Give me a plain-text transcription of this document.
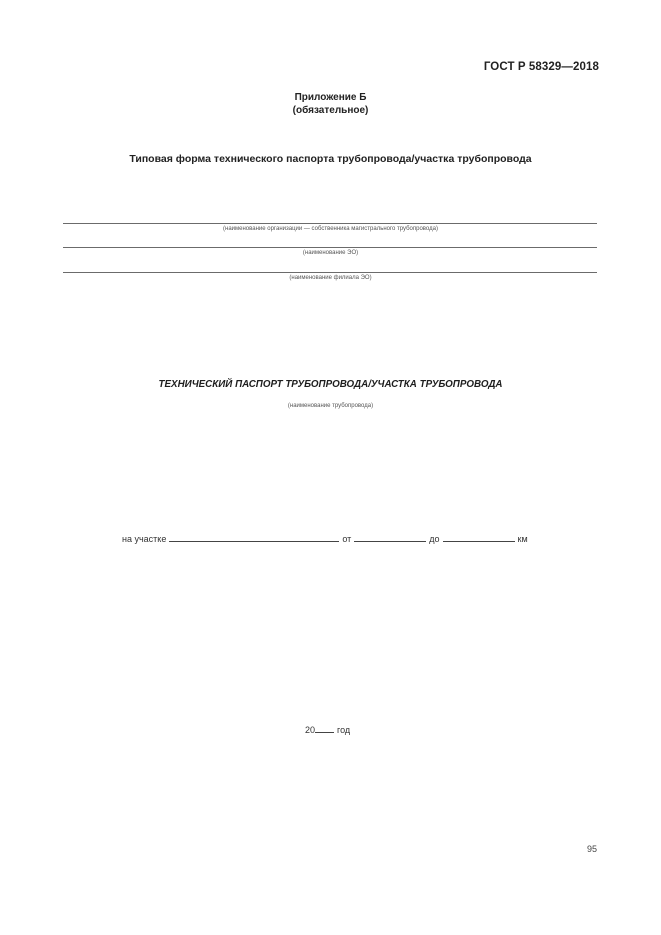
ГОСТ Р 58329—2018
Приложение Б
(обязательное)
Типовая форма технического паспорта трубопровода/участка трубопровода
(наименование организации — собственника магистрального трубопровода)
(наименование ЭО)
(наименование филиала ЭО)
ТЕХНИЧЕСКИЙ ПАСПОРТ ТРУБОПРОВОДА/УЧАСТКА ТРУБОПРОВОДА
(наименование трубопровода)
на участке	от	до	км
20 год
95
